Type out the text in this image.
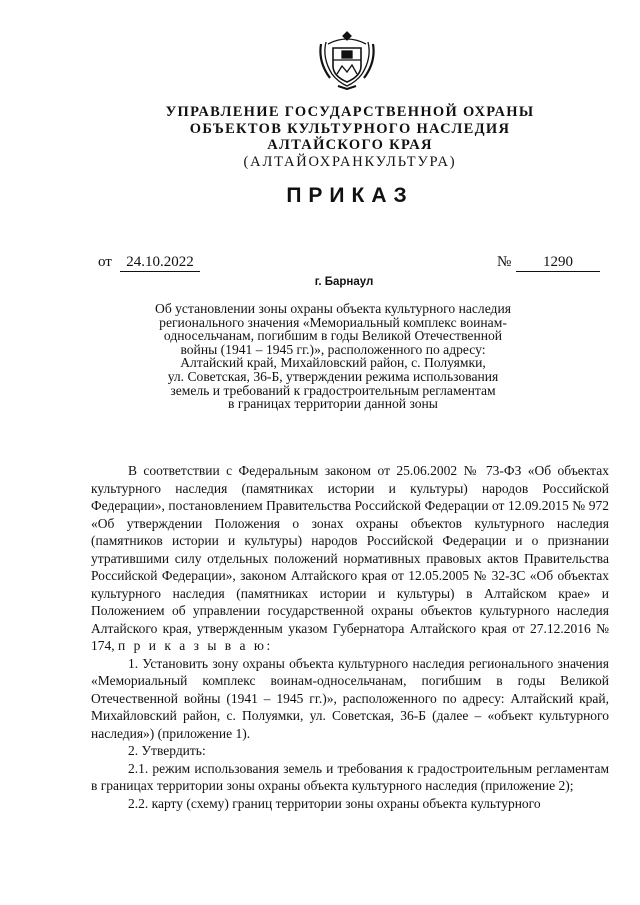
УПРАВЛЕНИЕ ГОСУДАРСТВЕННОЙ ОХРАНЫ
ОБЪЕКТОВ КУЛЬТУРНОГО НАСЛЕДИЯ
АЛТАЙСКОГО КРАЯ
(АЛТАЙОХРАНКУЛЬТУРА)
ПРИКАЗ
от 24.10.2022	№	1290
г. Барнаул
Об установлении зоны охраны объекта культурного наследия
регионального значения «Мемориальный комплекс воинам-
односельчанам, погибшим в годы Великой Отечественной
войны (1941 – 1945 гг.)», расположенного по адресу:
Алтайский край, Михайловский район, с. Полуямки,
ул. Советская, 36-Б, утверждении режима использования
земель и требований к градостроительным регламентам
в границах территории данной зоны

В соответствии с Федеральным законом от 25.06.2002 № 73-ФЗ «Об объектах культурного наследия (памятниках истории и культуры) народов Российской Федерации», постановлением Правительства Российской Федерации от 12.09.2015 № 972 «Об утверждении Положения о зонах охраны объектов культурного наследия (памятников истории и культуры) народов Российской Федерации и о признании утратившими силу отдельных положений нормативных правовых актов Правительства Российской Федерации», законом Алтайского края от 12.05.2005 № 32-ЗС «Об объектах культурного наследия (памятниках истории и культуры) в Алтайском крае» и Положением об управлении государственной охраны объектов культурного наследия Алтайского края, утвержденным указом Губернатора Алтайского края от 27.12.2016 № 174, п р и к а з ы в а ю:

1. Установить зону охраны объекта культурного наследия регионального значения «Мемориальный комплекс воинам-односельчанам, погибшим в годы Великой Отечественной войны (1941 – 1945 гг.)», расположенного по адресу: Алтайский край, Михайловский район, с. Полуямки, ул. Советская, 36-Б (далее – «объект культурного наследия») (приложение 1).

2. Утвердить:

2.1. режим использования земель и требования к градостроительным регламентам в границах территории зоны охраны объекта культурного наследия (приложение 2);

2.2. карту (схему) границ территории зоны охраны объекта культурного
